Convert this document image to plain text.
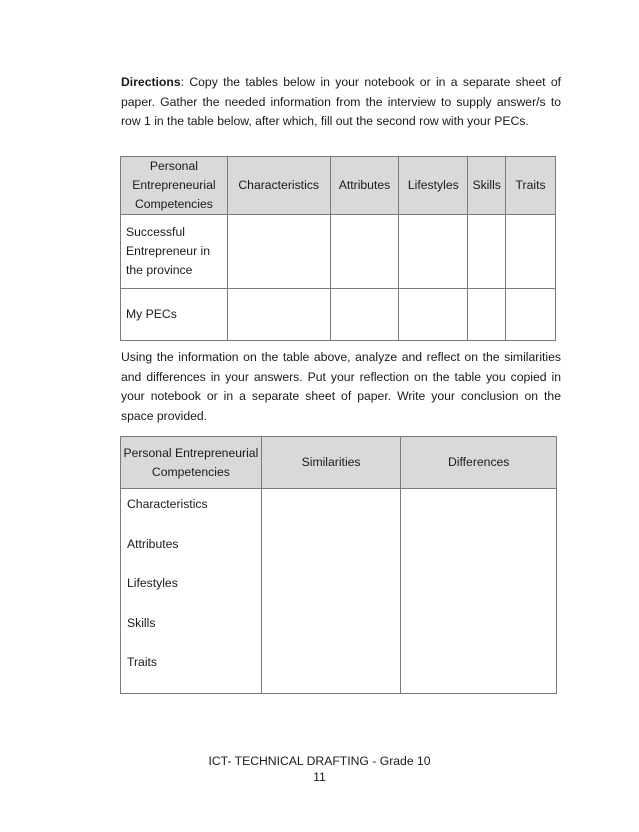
Directions: Copy the tables below in your notebook or in a separate sheet of paper. Gather the needed information from the interview to supply answer/s to row 1 in the table below, after which, fill out the second row with your PECs.

Personal Entrepreneurial Competencies	Characteristics	Attributes	Lifestyles	Skills	Traits
Successful Entrepreneur in the province					
My PECs					

Using the information on the table above, analyze and reflect on the similarities and differences in your answers. Put your reflection on the table you copied in your notebook or in a separate sheet of paper. Write your conclusion on the space provided.

Personal Entrepreneurial Competencies	Similarities	Differences

Characteristics
Attributes
Lifestyles
Skills
Traits		

ICT- TECHNICAL DRAFTING - Grade 10
11
